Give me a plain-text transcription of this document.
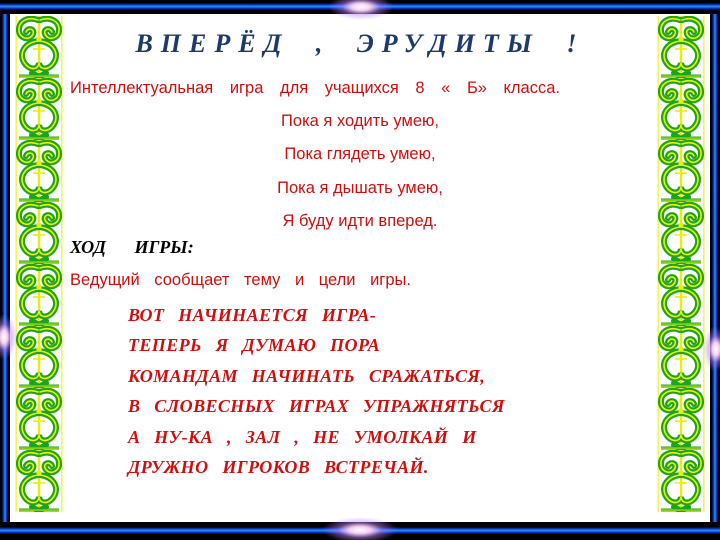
ВПЕРЁД , ЭРУДИТЫ !
Интеллектуальная игра для учащихся 8 « Б» класса.
Пока я ходить умею,
Пока глядеть умею,
Пока я дышать умею,
Я буду идти вперед.
ХОД ИГРЫ:
Ведущий сообщает тему и цели игры.
ВОТ НАЧИНАЕТСЯ ИГРА-
ТЕПЕРЬ Я ДУМАЮ ПОРА
КОМАНДАМ НАЧИНАТЬ СРАЖАТЬСЯ,
В СЛОВЕСНЫХ ИГРАХ УПРАЖНЯТЬСЯ
А НУ-КА , ЗАЛ , НЕ УМОЛКАЙ И
ДРУЖНО ИГРОКОВ ВСТРЕЧАЙ.
